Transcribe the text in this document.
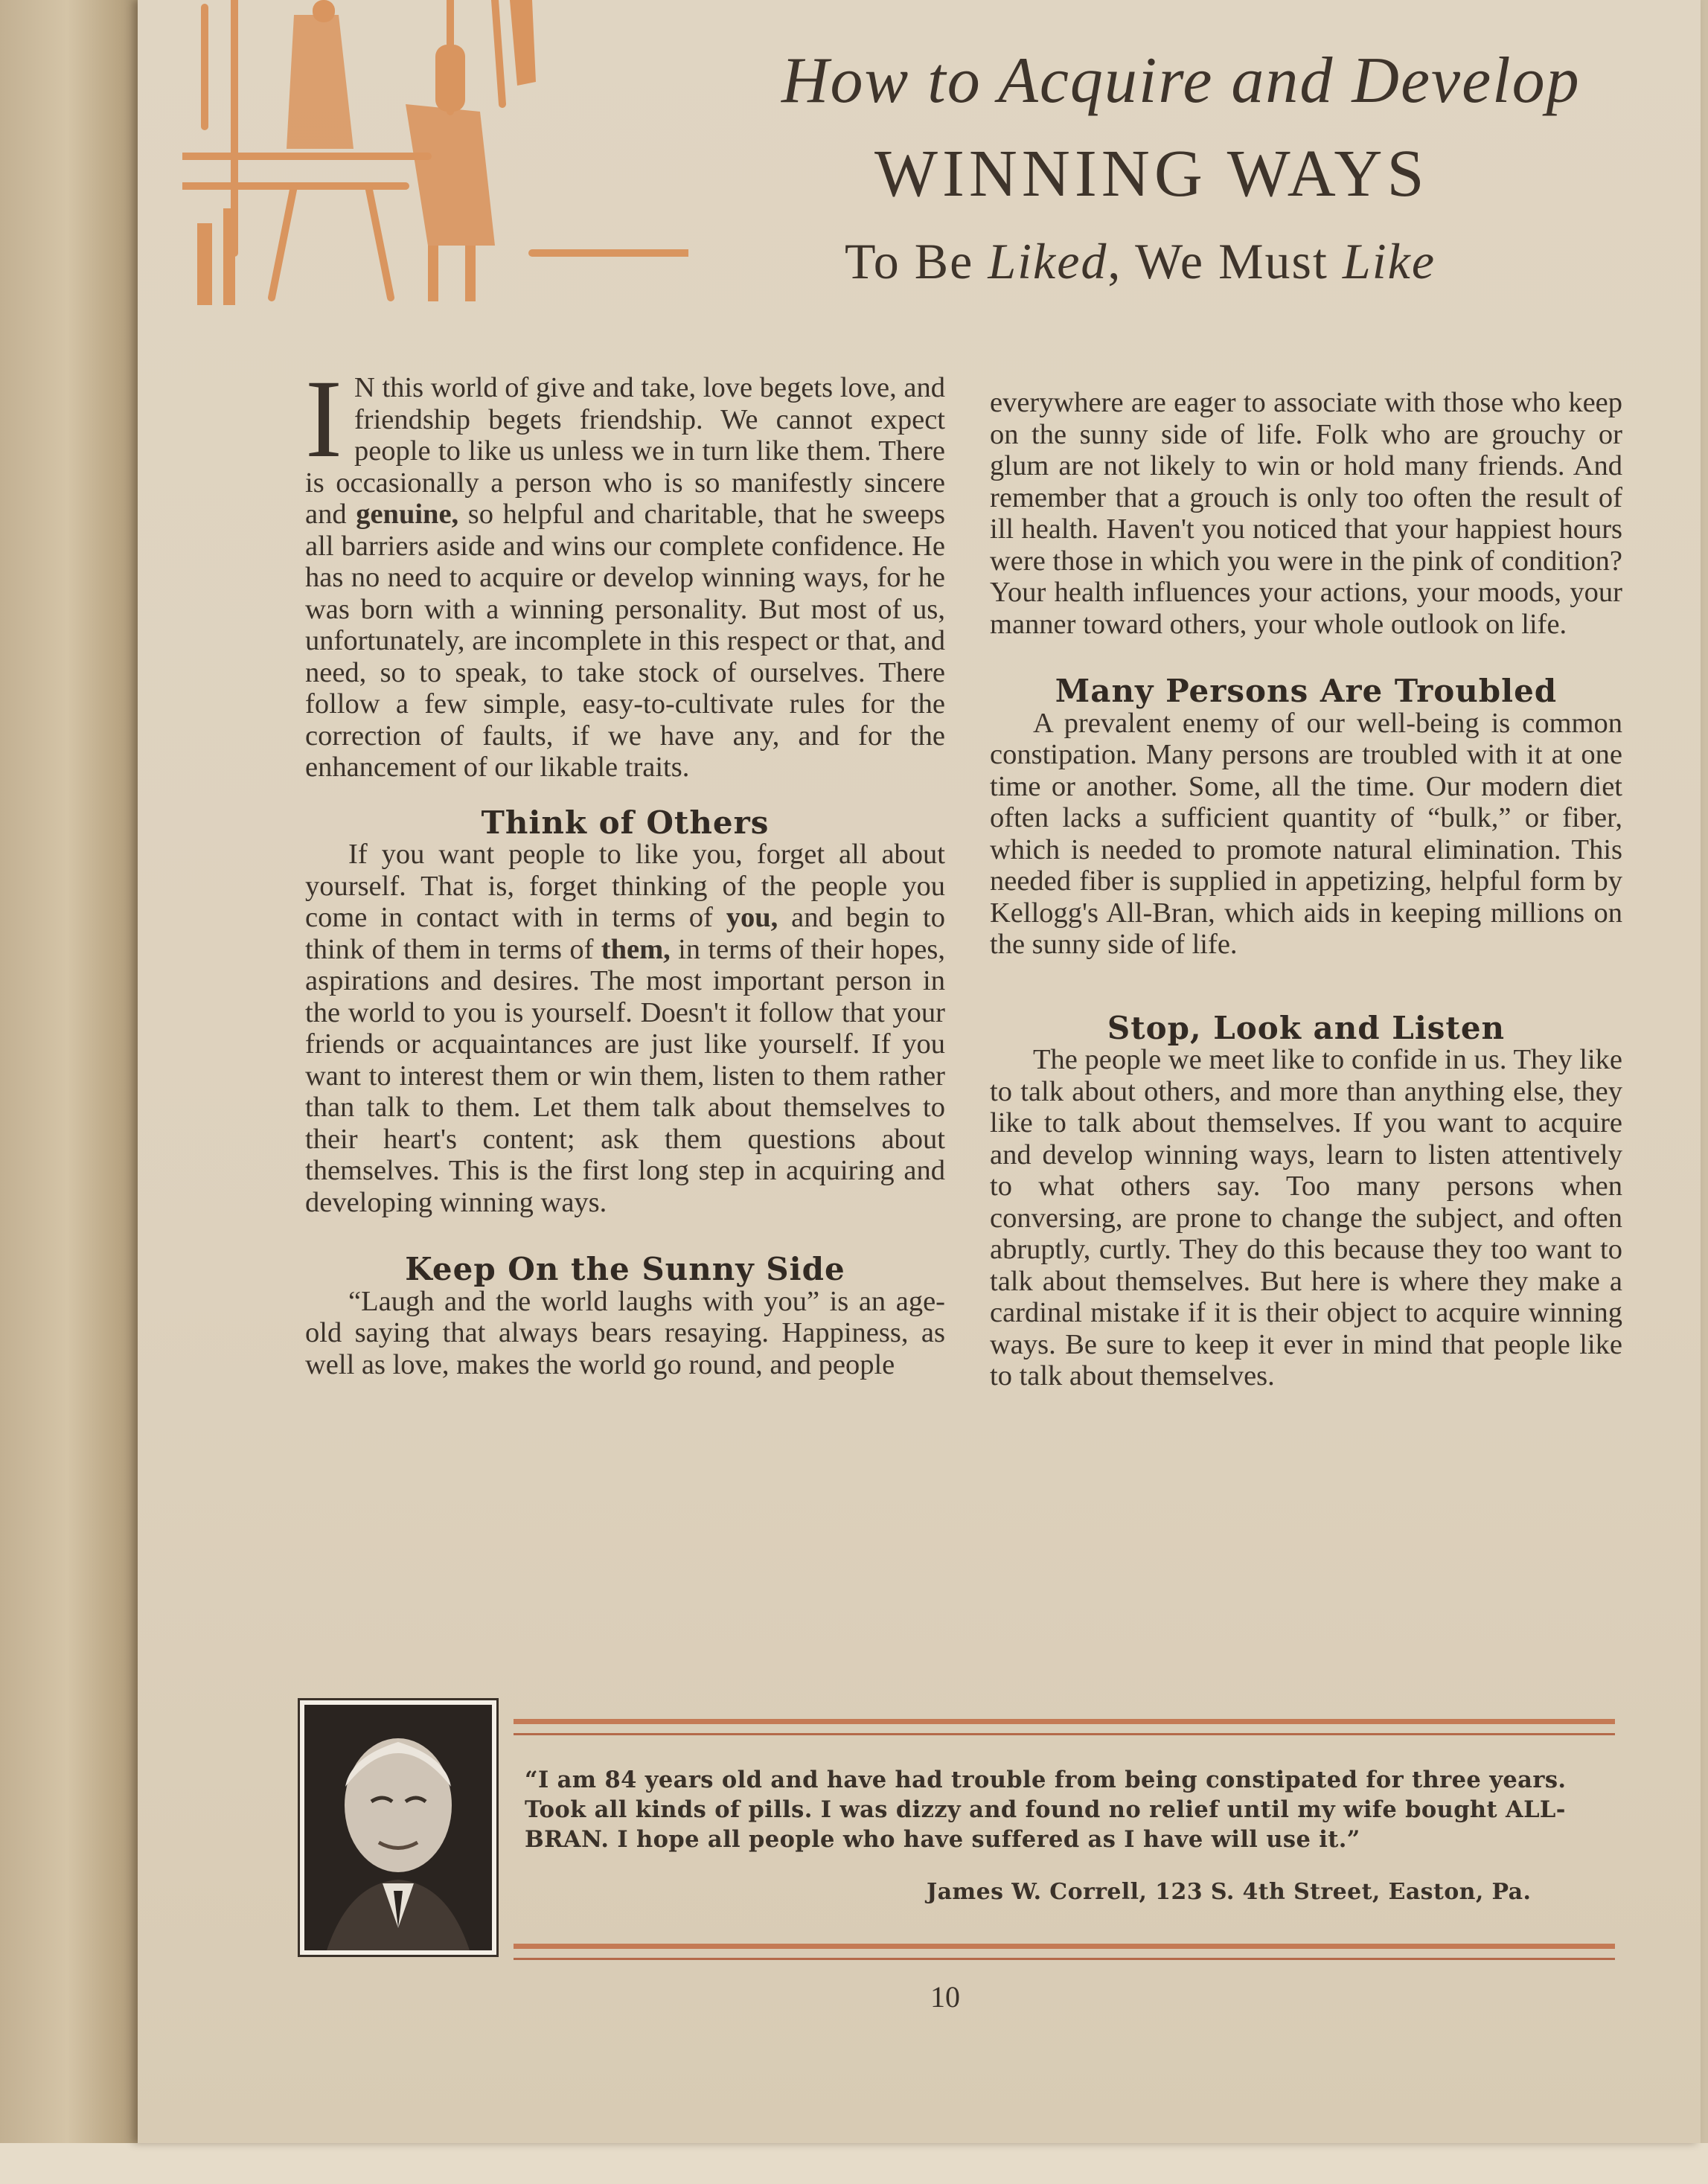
How to Acquire and Develop
WINNING WAYS
To Be Liked, We Must Like

I N this world of give and take, love begets love, and friendship begets friendship. We cannot expect people to like us unless we in turn like them. There is occasionally a person who is so manifestly sincere and genuine, so helpful and charitable, that he sweeps all barriers aside and wins our complete confidence. He has no need to acquire or develop winning ways, for he was born with a winning personality. But most of us, unfortunately, are incomplete in this respect or that, and need, so to speak, to take stock of ourselves. There follow a few simple, easy-to-cultivate rules for the correction of faults, if we have any, and for the enhancement of our likable traits.

Think of Others

If you want people to like you, forget all about yourself. That is, forget thinking of the people you come in contact with in terms of you, and begin to think of them in terms of them, in terms of their hopes, aspirations and desires. The most important person in the world to you is yourself. Doesn't it follow that your friends or acquaintances are just like yourself. If you want to interest them or win them, listen to them rather than talk to them. Let them talk about themselves to their heart's content; ask them questions about themselves. This is the first long step in acquiring and developing winning ways.

Keep On the Sunny Side

“Laugh and the world laughs with you” is an age-old saying that always bears resaying. Happiness, as well as love, makes the world go round, and people

everywhere are eager to associate with those who keep on the sunny side of life. Folk who are grouchy or glum are not likely to win or hold many friends. And remember that a grouch is only too often the result of ill health. Haven't you noticed that your happiest hours were those in which you were in the pink of condition? Your health influences your actions, your moods, your manner toward others, your whole outlook on life.

Many Persons Are Troubled

A prevalent enemy of our well-being is common constipation. Many persons are troubled with it at one time or another. Some, all the time. Our modern diet often lacks a sufficient quantity of “bulk,” or fiber, which is needed to promote natural elimination. This needed fiber is supplied in appetizing, helpful form by Kellogg's All-Bran, which aids in keeping millions on the sunny side of life.

Stop, Look and Listen

The people we meet like to confide in us. They like to talk about others, and more than anything else, they like to talk about themselves. If you want to acquire and develop winning ways, learn to listen attentively to what others say. Too many persons when conversing, are prone to change the subject, and often abruptly, curtly. They do this because they too want to talk about themselves. But here is where they make a cardinal mistake if it is their object to acquire winning ways. Be sure to keep it ever in mind that people like to talk about themselves.

“I am 84 years old and have had trouble from being constipated for three years. Took all kinds of pills. I was dizzy and found no relief until my wife bought ALL-BRAN. I hope all people who have suffered as I have will use it.”
James W. Correll, 123 S. 4th Street, Easton, Pa.
10
